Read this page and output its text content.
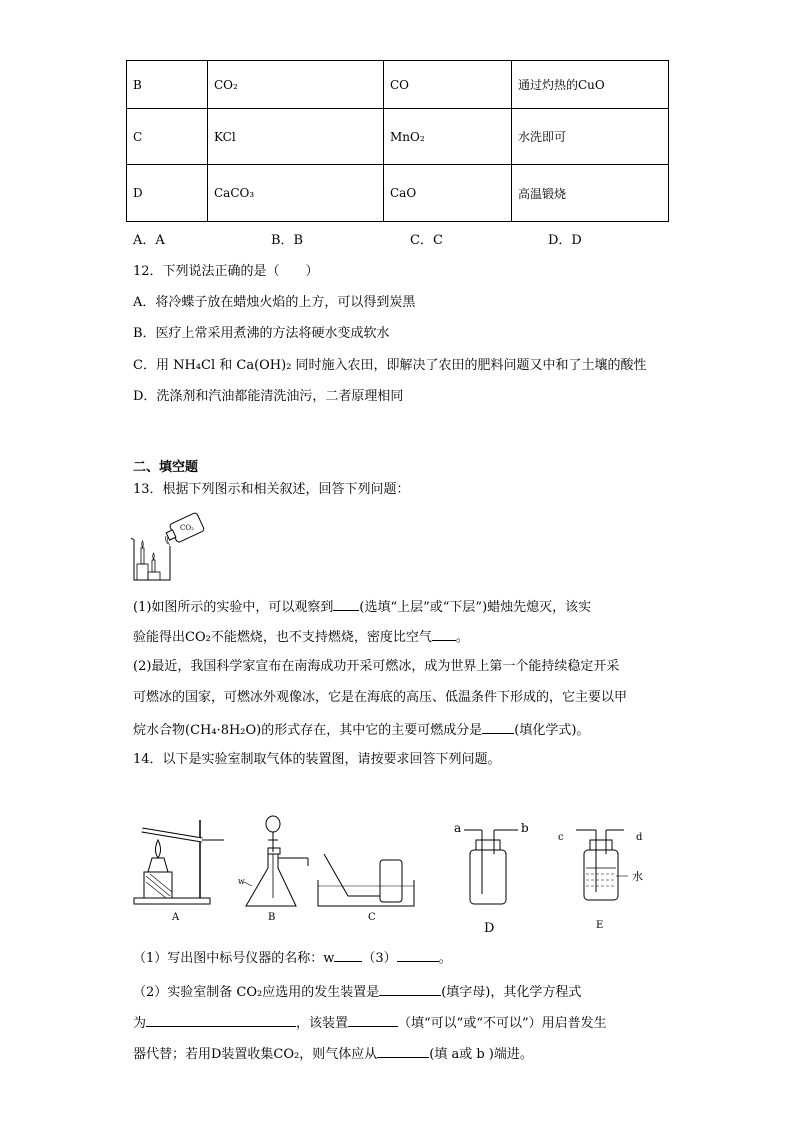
B	CO₂	CO	通过灼热的CuO
C	KCl	MnO₂	水洗即可
D	CaCO₃	CaO	高温锻烧
A．A	B．B	C．C	D．D
12．下列说法正确的是（　　）
A．将冷蝶子放在蜡烛火焰的上方，可以得到炭黑
B．医疗上常采用煮沸的方法将硬水变成软水
C．用 NH₄Cl 和 Ca(OH)₂ 同时施入农田，即解决了农田的肥料问题又中和了土壤的酸性
D．洗涤剂和汽油都能清洗油污，二者原理相同
二、填空题
13．根据下列图示和相关叙述，回答下列问题：
CO₂
(1)如图所示的实验中，可以观察到 (选填“上层”或“下层”)蜡烛先熄灭，该实
验能得出CO₂不能燃烧，也不支持燃烧，密度比空气 。
(2)最近，我国科学家宣布在南海成功开采可燃冰，成为世界上第一个能持续稳定开采
可燃冰的国家，可燃冰外观像冰，它是在海底的高压、低温条件下形成的，它主要以甲
烷水合物(CH₄·8H₂O)的形式存在，其中它的主要可燃成分是 (填化学式)。
14．以下是实验室制取气体的装置图，请按要求回答下列问题。
A
w
B	C
a	b
D
c	d
水
E
（1）写出图中标号仪器的名称：w （3）	。
（2）实验室制备 CO₂应选用的发生装置是	(填字母)，其化学方程式
为	，该装置	（填“可以”或“不可以”）用启普发生
器代替；若用D装置收集CO₂，则气体应从	(填 a或 b )端进。
